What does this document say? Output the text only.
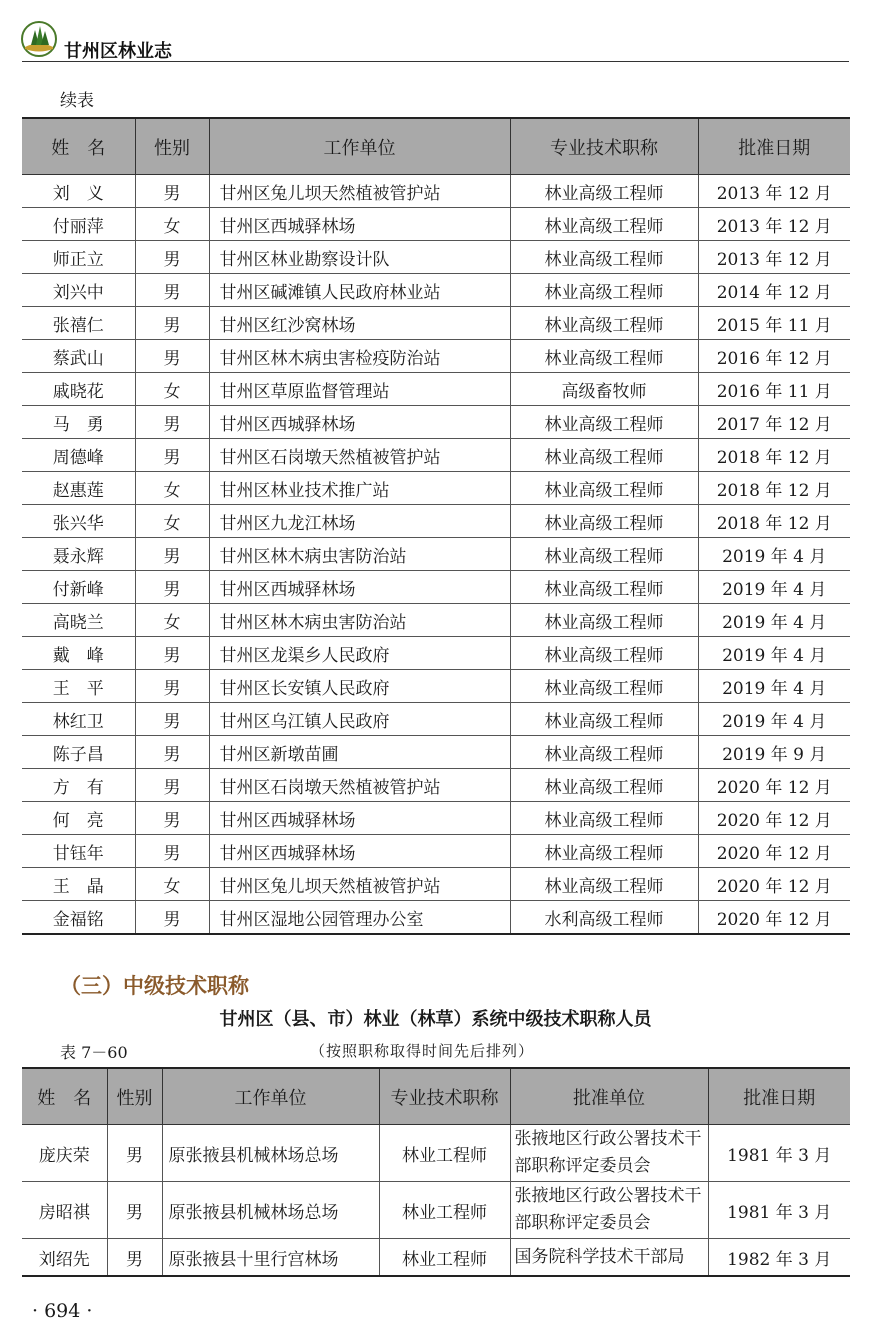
甘州区林业志
续表
姓　名	性别	工作单位	专业技术职称	批准日期
刘　义	男	甘州区兔儿坝天然植被管护站	林业高级工程师	2013 年 12 月
付丽萍	女	甘州区西城驿林场	林业高级工程师	2013 年 12 月
师正立	男	甘州区林业勘察设计队	林业高级工程师	2013 年 12 月
刘兴中	男	甘州区碱滩镇人民政府林业站	林业高级工程师	2014 年 12 月
张禧仁	男	甘州区红沙窝林场	林业高级工程师	2015 年 11 月
蔡武山	男	甘州区林木病虫害检疫防治站	林业高级工程师	2016 年 12 月
戚晓花	女	甘州区草原监督管理站	高级畜牧师	2016 年 11 月
马　勇	男	甘州区西城驿林场	林业高级工程师	2017 年 12 月
周德峰	男	甘州区石岗墩天然植被管护站	林业高级工程师	2018 年 12 月
赵惠莲	女	甘州区林业技术推广站	林业高级工程师	2018 年 12 月
张兴华	女	甘州区九龙江林场	林业高级工程师	2018 年 12 月
聂永辉	男	甘州区林木病虫害防治站	林业高级工程师	2019 年 4 月
付新峰	男	甘州区西城驿林场	林业高级工程师	2019 年 4 月
高晓兰	女	甘州区林木病虫害防治站	林业高级工程师	2019 年 4 月
戴　峰	男	甘州区龙渠乡人民政府	林业高级工程师	2019 年 4 月
王　平	男	甘州区长安镇人民政府	林业高级工程师	2019 年 4 月
林红卫	男	甘州区乌江镇人民政府	林业高级工程师	2019 年 4 月
陈子昌	男	甘州区新墩苗圃	林业高级工程师	2019 年 9 月
方　有	男	甘州区石岗墩天然植被管护站	林业高级工程师	2020 年 12 月
何　亮	男	甘州区西城驿林场	林业高级工程师	2020 年 12 月
甘钰年	男	甘州区西城驿林场	林业高级工程师	2020 年 12 月
王　晶	女	甘州区兔儿坝天然植被管护站	林业高级工程师	2020 年 12 月
金福铭	男	甘州区湿地公园管理办公室	水利高级工程师	2020 年 12 月
（三）中级技术职称
甘州区（县、市）林业（林草）系统中级技术职称人员
表 7－60	（按照职称取得时间先后排列）
姓　名	性别	工作单位	专业技术职称	批准单位	批准日期
庞庆荣	男	原张掖县机械林场总场	林业工程师	张掖地区行政公署技术干部职称评定委员会	1981 年 3 月
房昭祺	男	原张掖县机械林场总场	林业工程师	张掖地区行政公署技术干部职称评定委员会	1981 年 3 月
刘绍先	男	原张掖县十里行宫林场	林业工程师	国务院科学技术干部局	1982 年 3 月
· 694 ·
